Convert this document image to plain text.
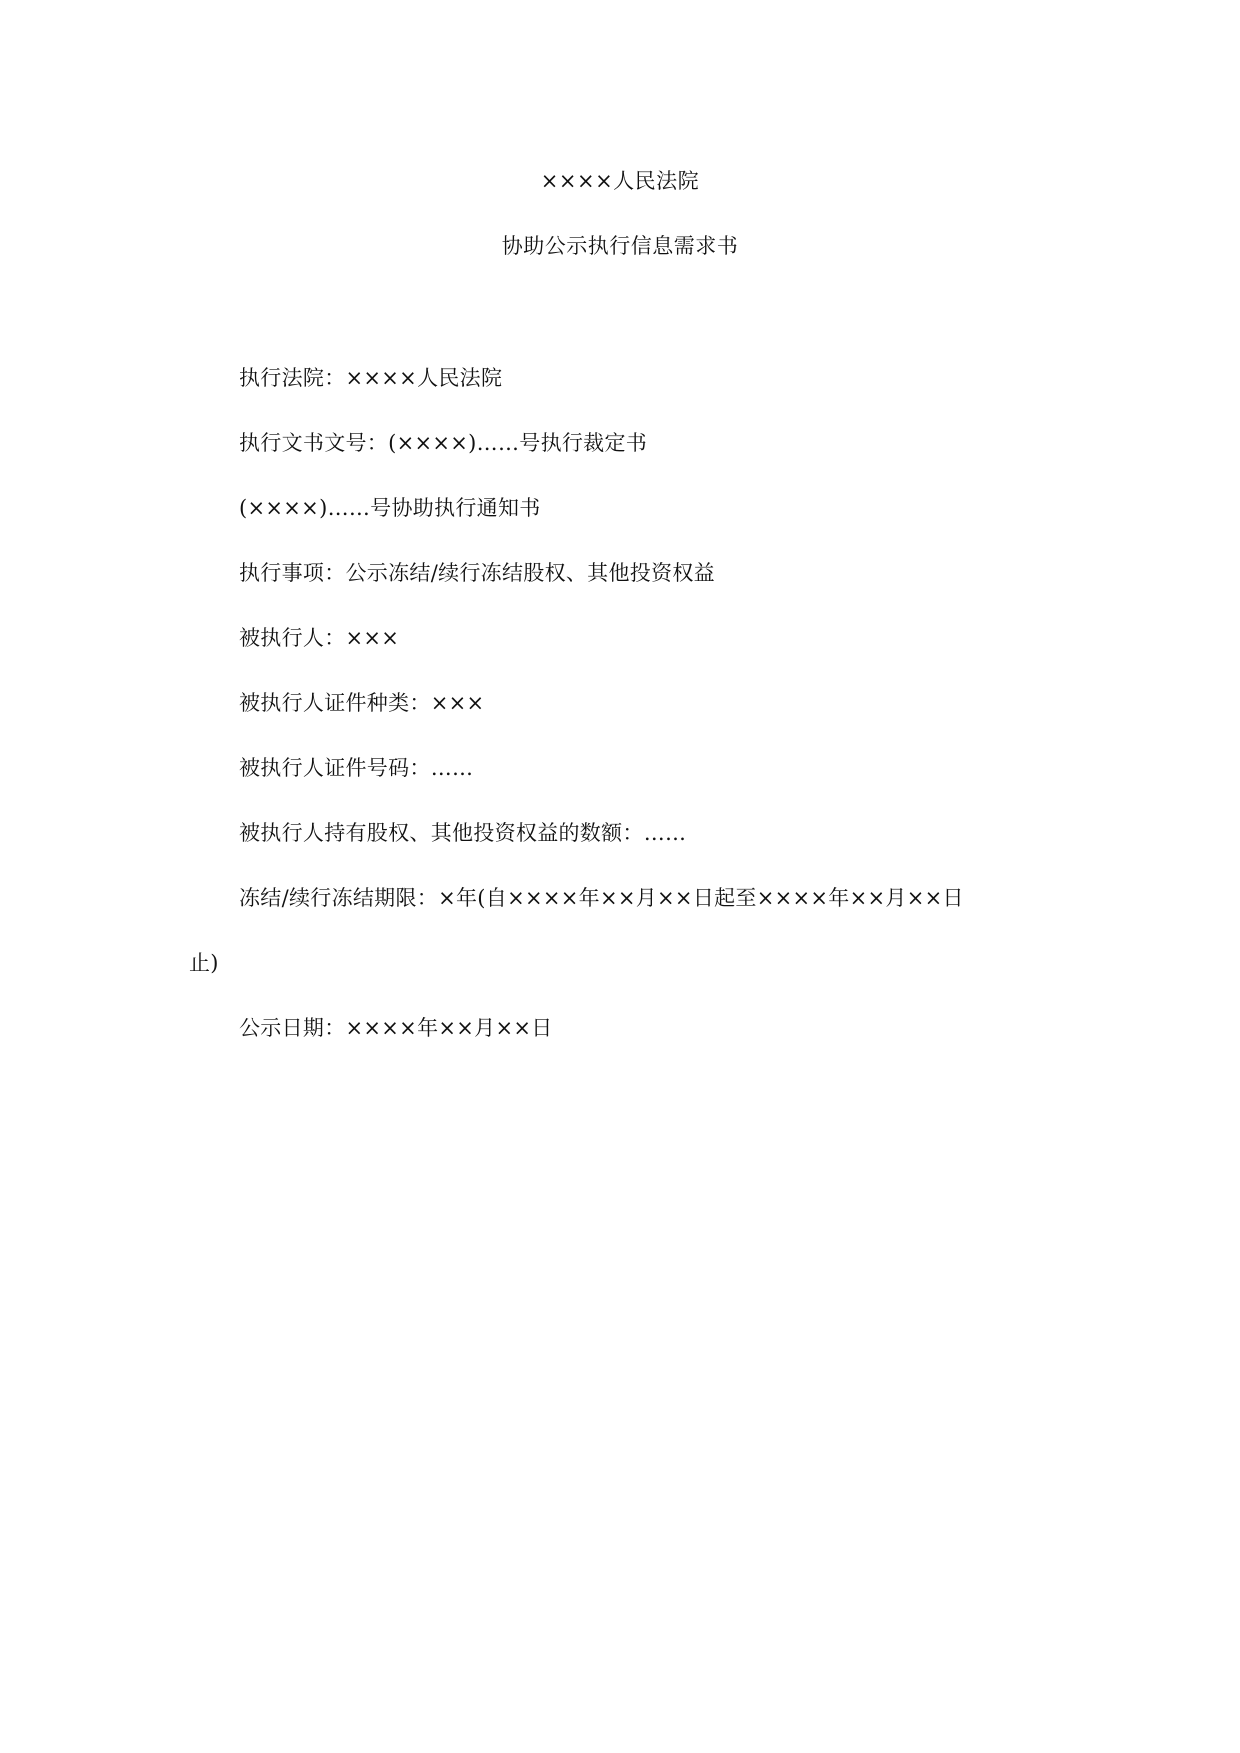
××××人民法院
协助公示执行信息需求书
执行法院：××××人民法院
执行文书文号：(××××)……号执行裁定书
(××××)……号协助执行通知书
执行事项：公示冻结/续行冻结股权、其他投资权益
被执行人：×××
被执行人证件种类：×××
被执行人证件号码：……
被执行人持有股权、其他投资权益的数额：……
冻结/续行冻结期限：×年(自××××年××月××日起至××××年××月××日
止)
公示日期：××××年××月××日
